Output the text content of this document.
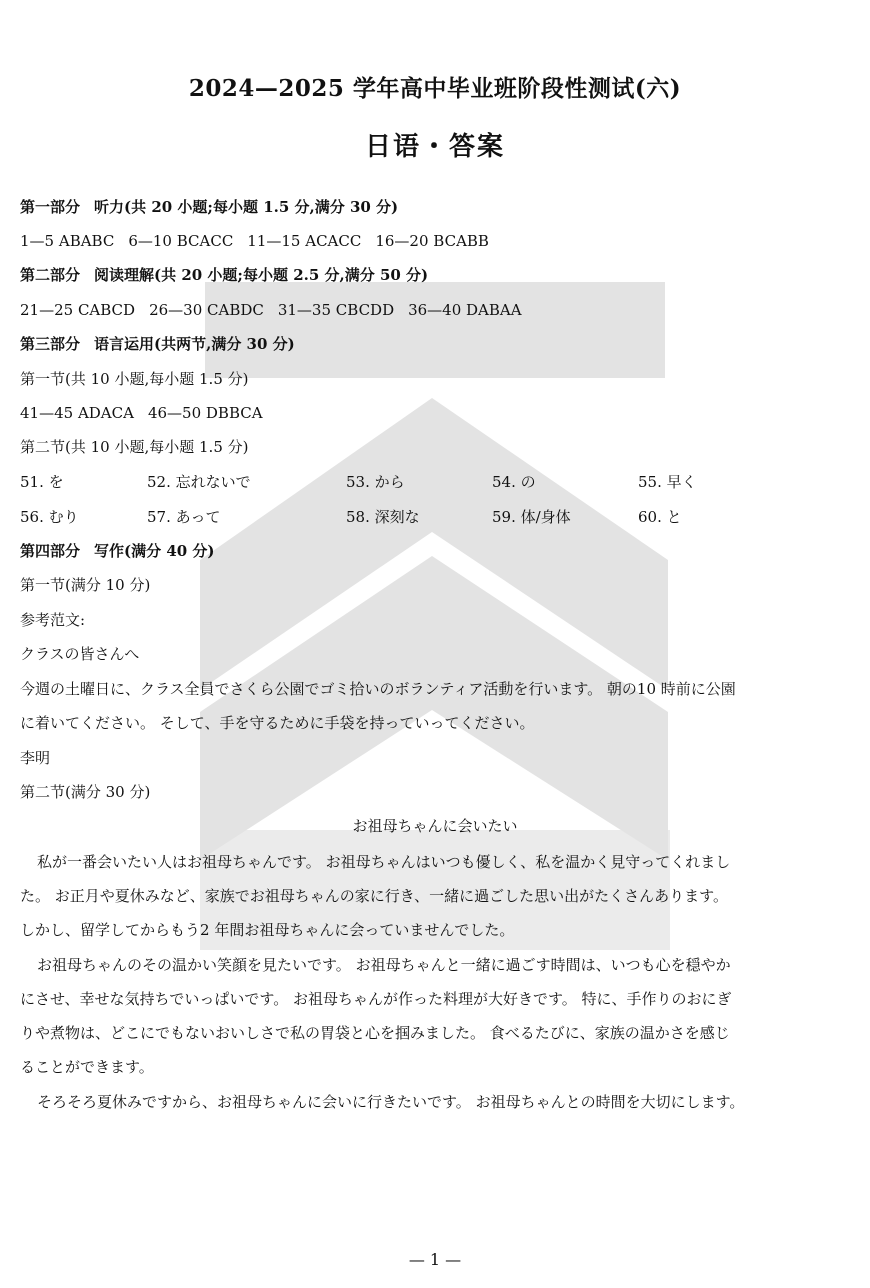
2024—2025 学年高中毕业班阶段性测试(六)
日语・答案
第一部分 听力(共 20 小题;每小题 1.5 分,满分 30 分)
1—5 ABABC 6—10 BCACC 11—15 ACACC 16—20 BCABB
第二部分 阅读理解(共 20 小题;每小题 2.5 分,满分 50 分)
21—25 CABCD 26—30 CABDC 31—35 CBCDD 36—40 DABAA
第三部分 语言运用(共两节,满分 30 分)
第一节(共 10 小题,每小题 1.5 分)
41—45 ADACA 46—50 DBBCA
第二节(共 10 小题,每小题 1.5 分)
51. を	52. 忘れないで	53. から	54. の	55. 早く
56. むり	57. あって	58. 深刻な	59. 体/身体	60. と
第四部分 写作(满分 40 分)
第一节(满分 10 分)
参考范文:
クラスの皆さんへ
今週の土曜日に、クラス全員でさくら公園でゴミ拾いのボランティア活動を行います。 朝の10 時前に公園
に着いてください。 そして、手を守るために手袋を持っていってください。
李明
第二节(满分 30 分)
お祖母ちゃんに会いたい
私が一番会いたい人はお祖母ちゃんです。 お祖母ちゃんはいつも優しく、私を温かく見守ってくれまし
た。 お正月や夏休みなど、家族でお祖母ちゃんの家に行き、一緒に過ごした思い出がたくさんあります。
しかし、留学してからもう2 年間お祖母ちゃんに会っていませんでした。
お祖母ちゃんのその温かい笑顔を見たいです。 お祖母ちゃんと一緒に過ごす時間は、いつも心を穏やか
にさせ、幸せな気持ちでいっぱいです。 お祖母ちゃんが作った料理が大好きです。 特に、手作りのおにぎ
りや煮物は、どこにでもないおいしさで私の胃袋と心を掴みました。 食べるたびに、家族の温かさを感じ
ることができます。
そろそろ夏休みですから、お祖母ちゃんに会いに行きたいです。 お祖母ちゃんとの時間を大切にします。
— 1 —
